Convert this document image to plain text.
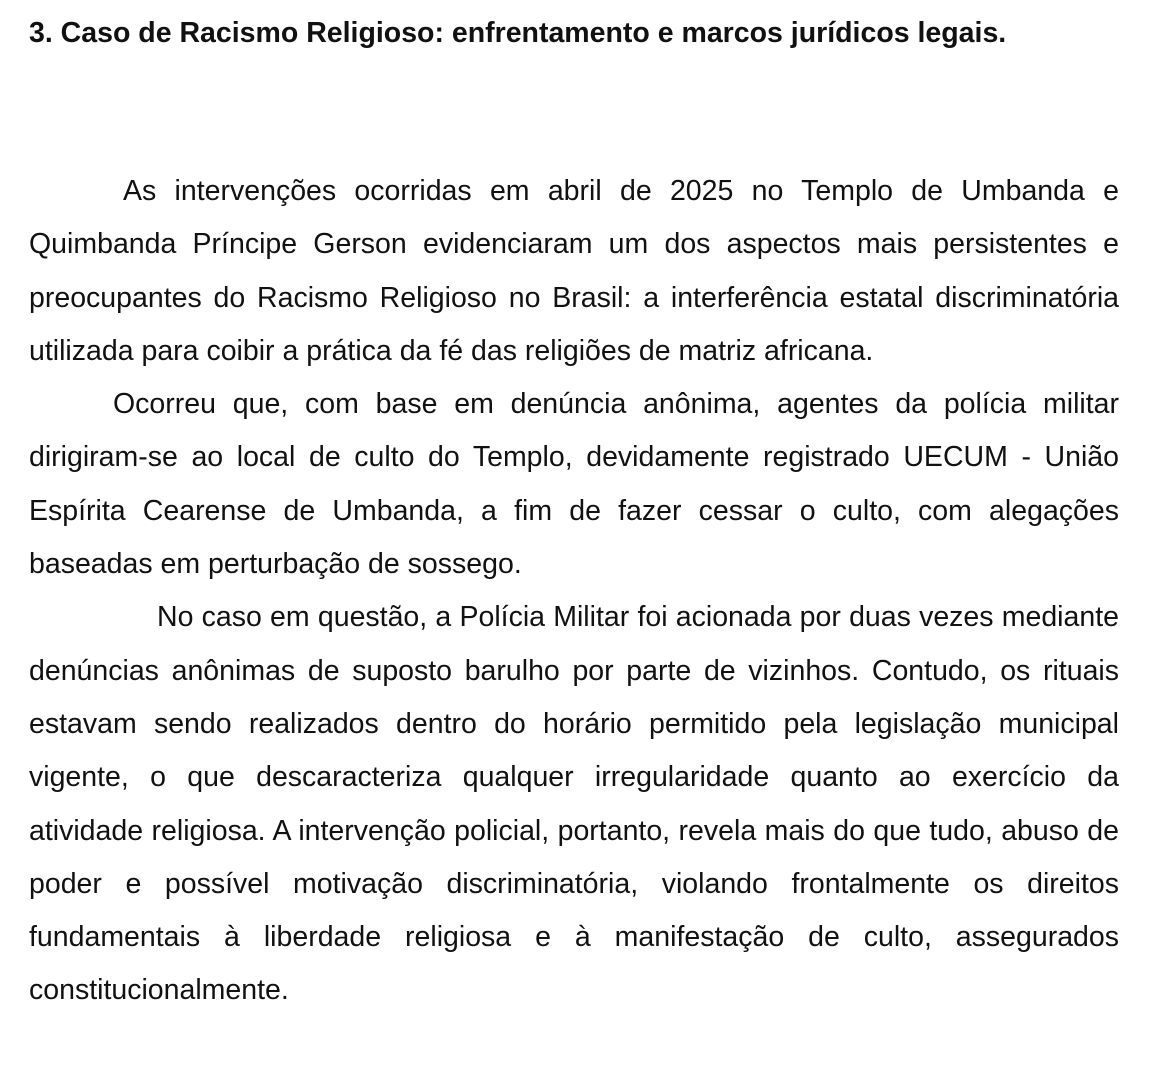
3. Caso de Racismo Religioso: enfrentamento e marcos jurídicos legais.

As intervenções ocorridas em abril de 2025 no Templo de Umbanda e Quimbanda Príncipe Gerson evidenciaram um dos aspectos mais persistentes e preocupantes do Racismo Religioso no Brasil: a interferência estatal discriminatória utilizada para coibir a prática da fé das religiões de matriz africana.

Ocorreu que, com base em denúncia anônima, agentes da polícia militar dirigiram-se ao local de culto do Templo, devidamente registrado UECUM - União Espírita Cearense de Umbanda, a fim de fazer cessar o culto, com alegações baseadas em perturbação de sossego.

No caso em questão, a Polícia Militar foi acionada por duas vezes mediante denúncias anônimas de suposto barulho por parte de vizinhos. Contudo, os rituais estavam sendo realizados dentro do horário permitido pela legislação municipal vigente, o que descaracteriza qualquer irregularidade quanto ao exercício da atividade religiosa. A intervenção policial, portanto, revela mais do que tudo, abuso de poder e possível motivação discriminatória, violando frontalmente os direitos fundamentais à liberdade religiosa e à manifestação de culto, assegurados constitucionalmente.
